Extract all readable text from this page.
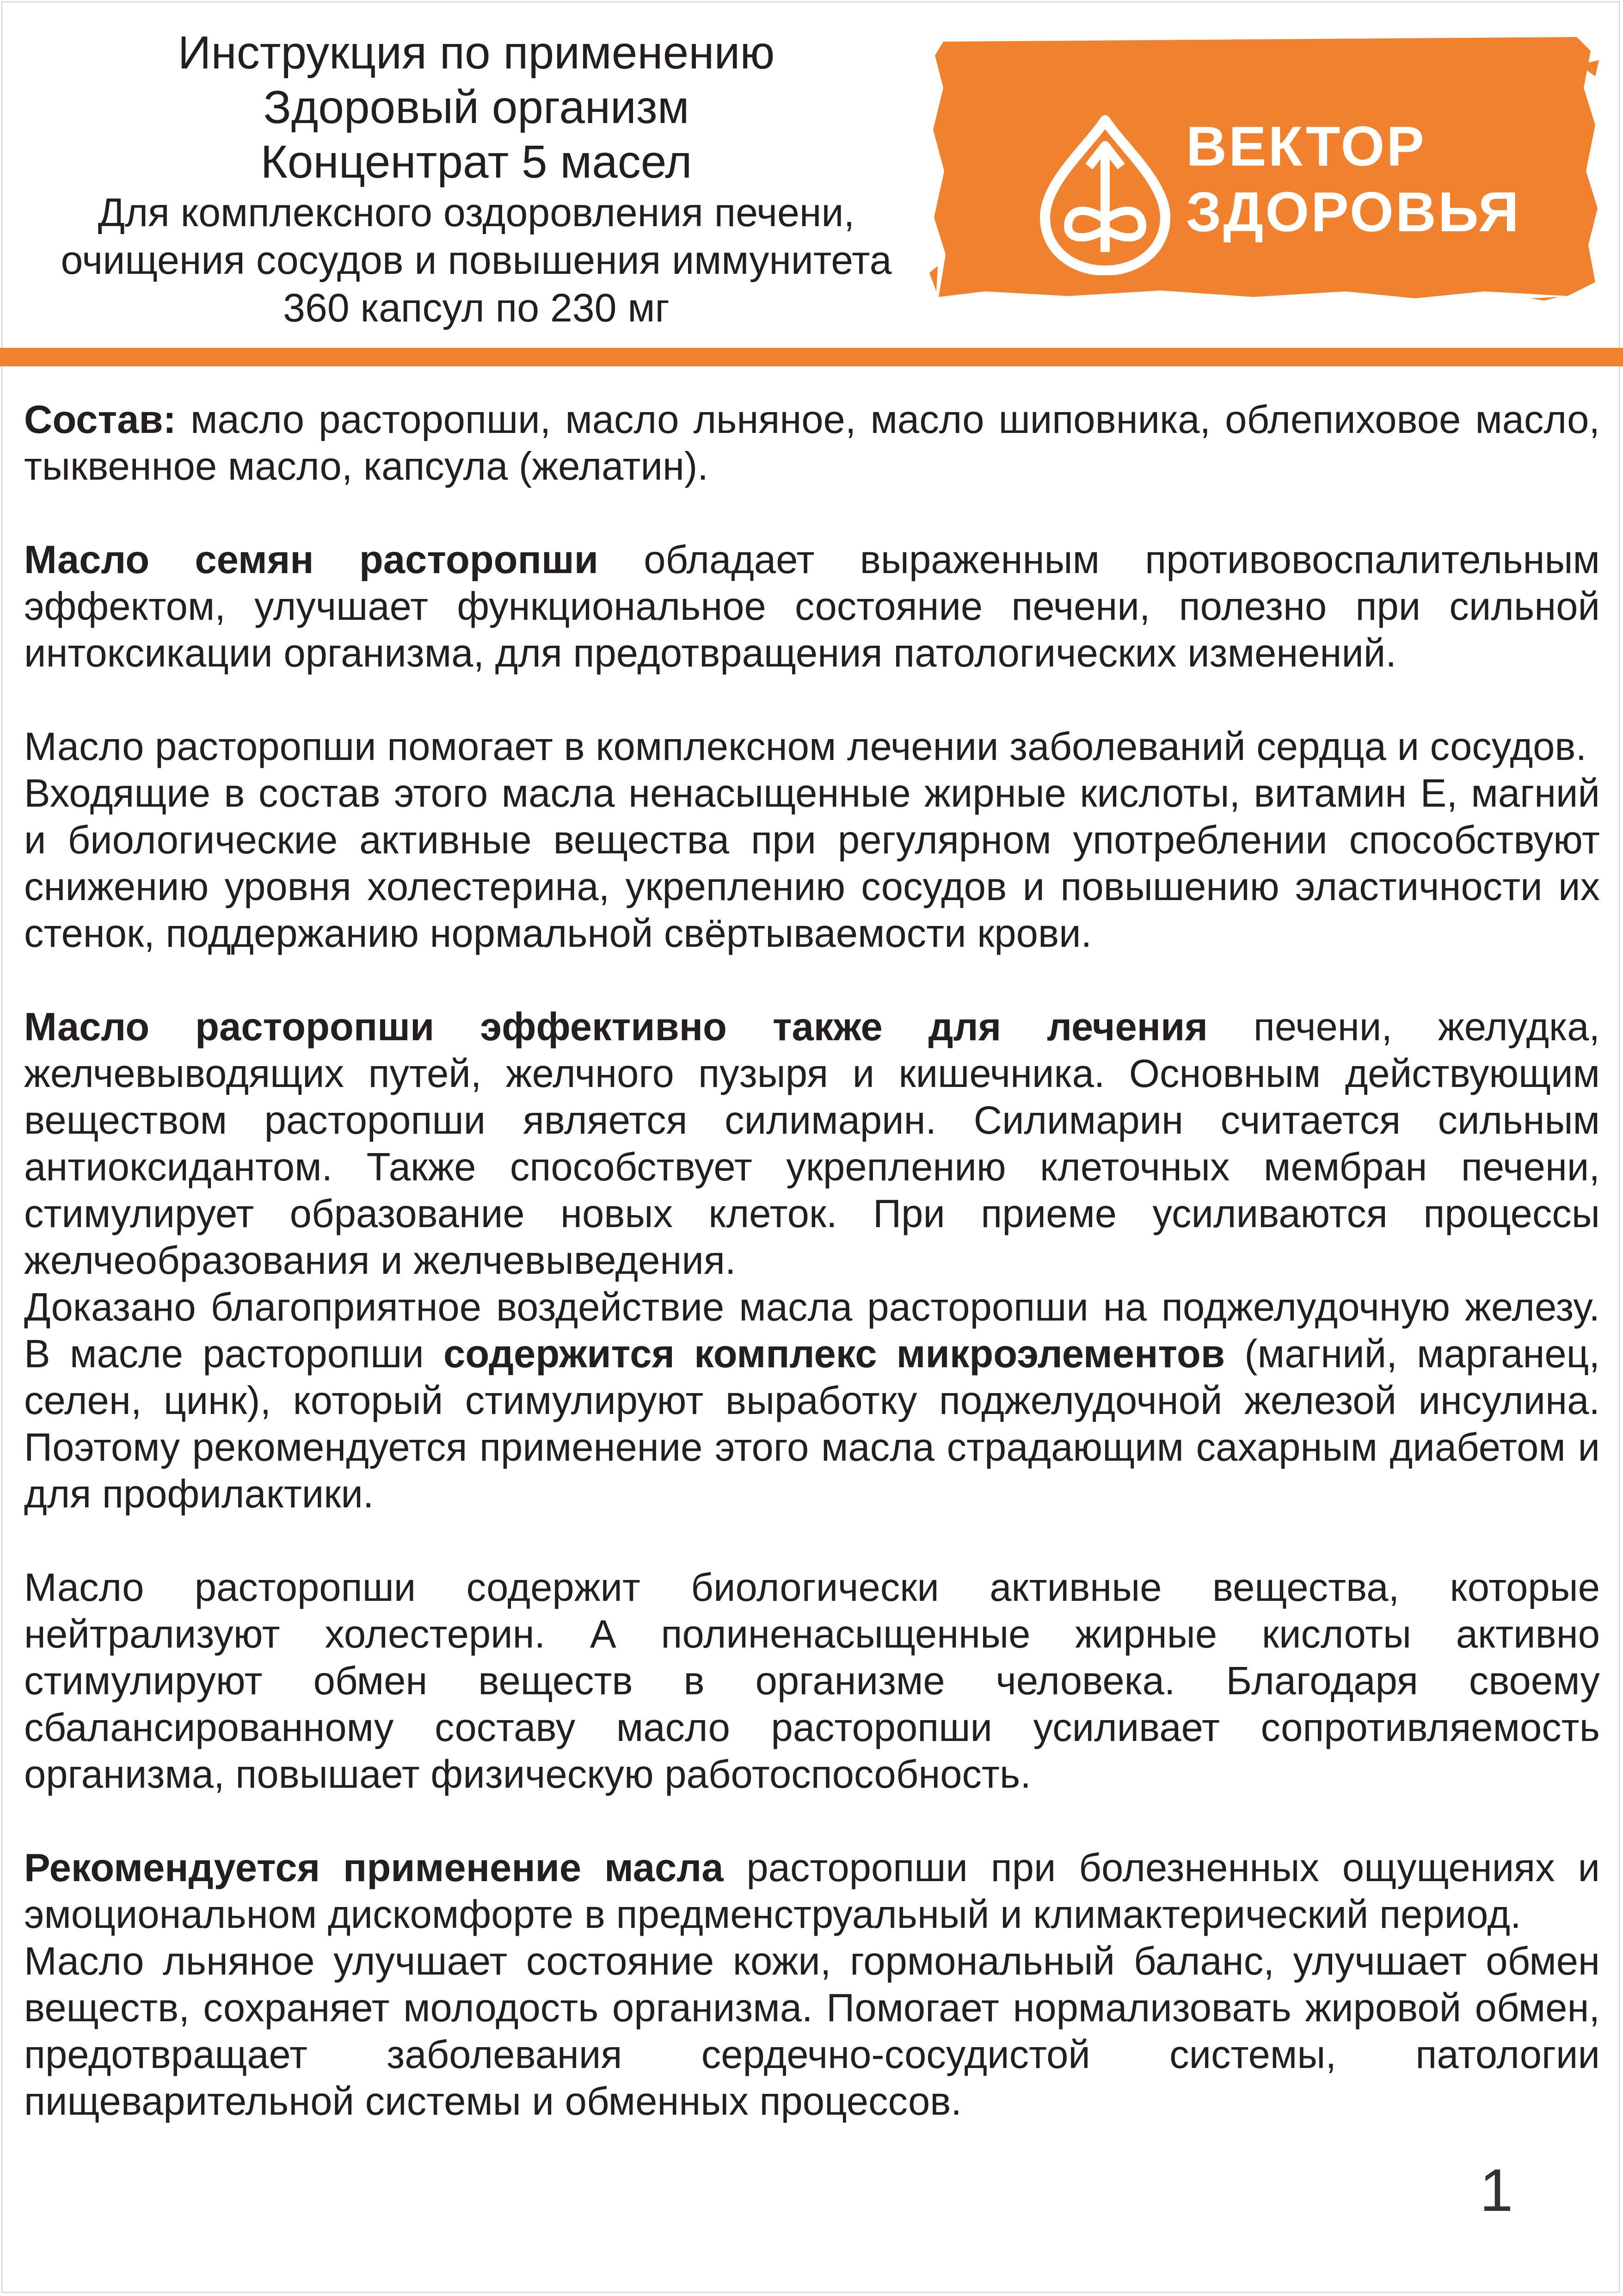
Инструкция по применению
Здоровый организм
Концентрат 5 масел
Для комплексного оздоровления печени,
очищения сосудов и повышения иммунитета
360 капсул по 230 мг
ВЕКТОР
ЗДОРОВЬЯ

Состав: масло расторопши, масло льняное, масло шиповника, облепиховое масло, тыквенное масло, капсула (желатин).

Масло семян расторопши обладает выраженным противовоспалительным эффектом, улучшает функциональное состояние печени, полезно при сильной интоксикации организма, для предотвращения патологических изменений.

Масло расторопши помогает в комплексном лечении заболеваний сердца и сосудов.

Входящие в состав этого масла ненасыщенные жирные кислоты, витамин Е, магний и биологические активные вещества при регулярном употреблении способствуют снижению уровня холестерина, укреплению сосудов и повышению эластичности их стенок, поддержанию нормальной свёртываемости крови.

Масло расторопши эффективно также для лечения печени, желудка, желчевыводящих путей, желчного пузыря и кишечника. Основным действующим веществом расторопши является силимарин. Силимарин считается сильным антиоксидантом. Также способствует укреплению клеточных мембран печени, стимулирует образование новых клеток. При приеме усиливаются процессы желчеобразования и желчевыведения.

Доказано благоприятное воздействие масла расторопши на поджелудочную железу. В масле расторопши содержится комплекс микроэлементов (магний, марганец, селен, цинк), который стимулируют выработку поджелудочной железой инсулина. Поэтому рекомендуется применение этого масла страдающим сахарным диабетом и для профилактики.

Масло расторопши содержит биологически активные вещества, которые нейтрализуют холестерин. А полиненасыщенные жирные кислоты активно стимулируют обмен веществ в организме человека. Благодаря своему сбалансированному составу масло расторопши усиливает сопротивляемость организма, повышает физическую работоспособность.

Рекомендуется применение масла расторопши при болезненных ощущениях и эмоциональном дискомфорте в предменструальный и климактерический период.

Масло льняное улучшает состояние кожи, гормональный баланс, улучшает обмен веществ, сохраняет молодость организма. Помогает нормализовать жировой обмен, предотвращает заболевания сердечно-сосудистой системы, патологии пищеварительной системы и обменных процессов.

1
